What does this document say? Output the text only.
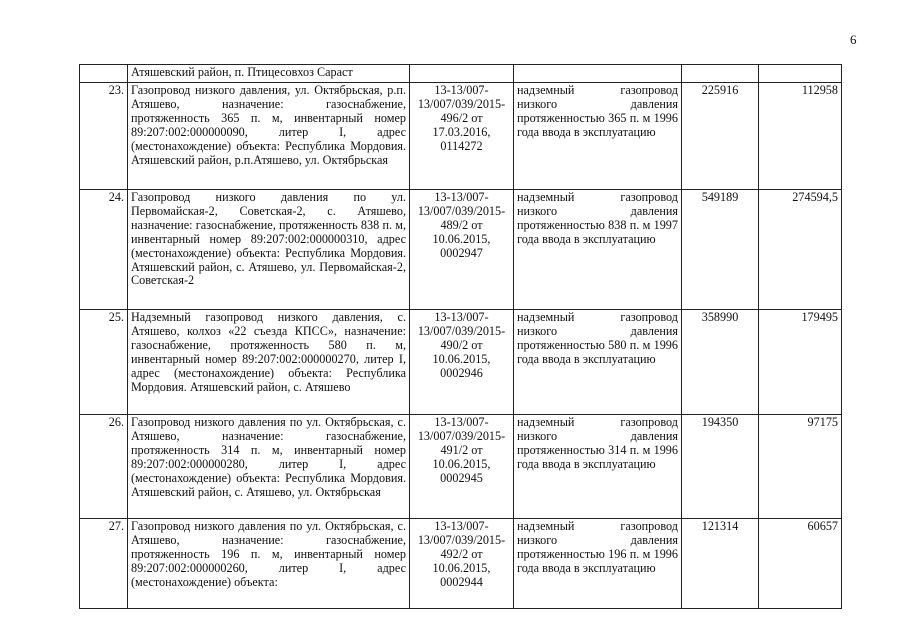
6
	Атяшевский район, п. Птицесовхоз Сараст				
23.	Газопровод низкого давления, ул. Октябрьская, р.п. Атяшево, назначение: газоснабжение, протяженность 365 п. м, инвентарный номер 89:207:002:000000090, литер I, адрес (местонахождение) объекта: Республика Мордовия. Атяшевский район, р.п.Атяшево, ул. Октябрьская	13-13/007-13/007/039/2015-496/2 от 17.03.2016, 0114272	надземный газопровод низкого давления протяженностью 365 п. м 1996 года ввода в эксплуатацию	225916	112958
24.	Газопровод низкого давления по ул. Первомайская-2, Советская-2, с. Атяшево, назначение: газоснабжение, протяженность 838 п. м, инвентарный номер 89:207:002:000000310, адрес (местонахождение) объекта: Республика Мордовия. Атяшевский район, с. Атяшево, ул. Первомайская-2, Советская-2	13-13/007-13/007/039/2015-489/2 от 10.06.2015, 0002947	надземный газопровод низкого давления протяженностью 838 п. м 1997 года ввода в эксплуатацию	549189	274594,5
25.	Надземный газопровод низкого давления, с. Атяшево, колхоз «22 съезда КПСС», назначение: газоснабжение, протяженность 580 п. м, инвентарный номер 89:207:002:000000270, литер I, адрес (местонахождение) объекта: Республика Мордовия. Атяшевский район, с. Атяшево	13-13/007-13/007/039/2015-490/2 от 10.06.2015, 0002946	надземный газопровод низкого давления протяженностью 580 п. м 1996 года ввода в эксплуатацию	358990	179495
26.	Газопровод низкого давления по ул. Октябрьская, с. Атяшево, назначение: газоснабжение, протяженность 314 п. м, инвентарный номер 89:207:002:000000280, литер I, адрес (местонахождение) объекта: Республика Мордовия. Атяшевский район, с. Атяшево, ул. Октябрьская	13-13/007-13/007/039/2015-491/2 от 10.06.2015, 0002945	надземный газопровод низкого давления протяженностью 314 п. м 1996 года ввода в эксплуатацию	194350	97175
27.	Газопровод низкого давления по ул. Октябрьская, с. Атяшево, назначение: газоснабжение, протяженность 196 п. м, инвентарный номер 89:207:002:000000260, литер I, адрес (местонахождение) объекта:	13-13/007-13/007/039/2015-492/2 от 10.06.2015, 0002944	надземный газопровод низкого давления протяженностью 196 п. м 1996 года ввода в эксплуатацию	121314	60657
